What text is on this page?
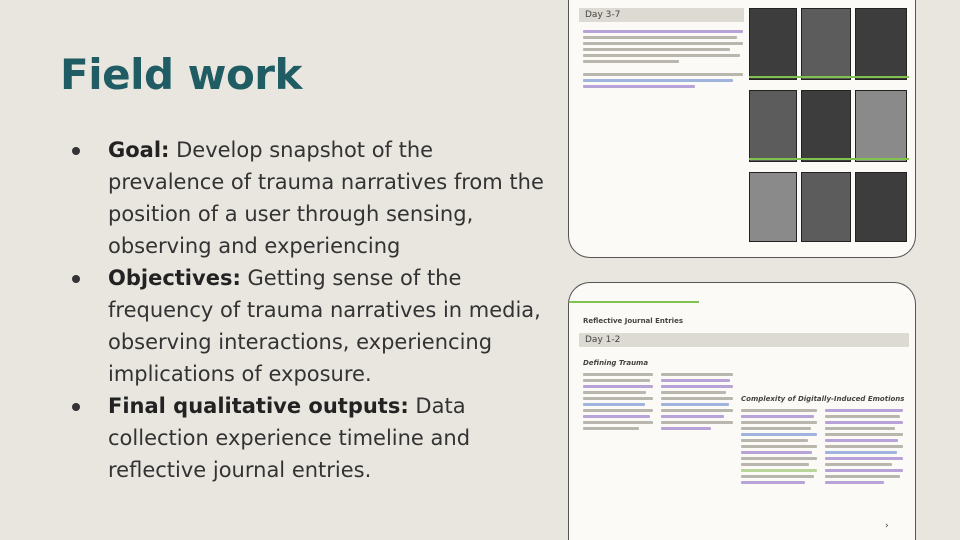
Field work
Goal: Develop snapshot of the prevalence of trauma narratives from the position of a user through sensing, observing and experiencing
Objectives: Getting sense of the frequency of trauma narratives in media, observing interactions, experiencing implications of exposure.
Final qualitative outputs: Data collection experience timeline and reflective journal entries.
Day 3-7
Reflective Journal Entries
Day 1-2
Defining Trauma
Complexity of Digitally-Induced Emotions
›
